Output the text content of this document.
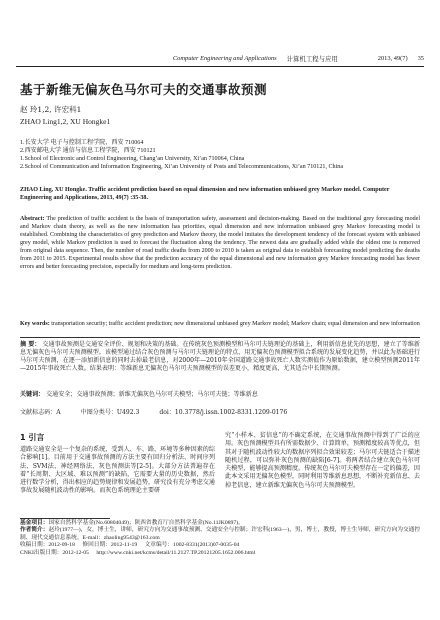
Computer Engineering and Applications 计算机工程与应用	2013, 49(7) 35
基于新维无偏灰色马尔可夫的交通事故预测
赵 玲1,2, 许宏科1
ZHAO Ling1,2, XU Hongke1
1.长安大学 电子与控制工程学院，西安 710064
2.西安邮电大学 通信与信息工程学院，西安 710121
1.School of Electronic and Control Engineering, Chang’an University, Xi’an 710064, China
2.School of Communication and Information Engineering, Xi’an University of Posts and Telecommunications, Xi’an 710121, China
ZHAO Ling, XU Hongke. Traffic accident prediction based on equal dimension and new information unbiased grey Markov model. Computer Engineering and Applications, 2013, 49(7) :35-38.
Abstract: The prediction of traffic accident is the basis of transportation safety, assessment and decision-making. Based on the traditional grey forecasting model and Markov chain theory, as well as the new information has priorities, equal dimension and new information unbiased grey Markov forecasting model is established. Combining the characteristics of grey prediction and Markov theory, the model imitates the development tendency of the forecast system with unbiased grey model, while Markov prediction is used to forecast the fluctuation along the tendency. The newest data are gradually added while the oldest one is removed from original data sequence. Then, the number of road traffic deaths from 2000 to 2010 is taken as original data to establish forecasting model predicting the deaths from 2011 to 2015. Experimental results show that the prediction accuracy of the equal dimensional and new information grey Markov forecasting model has fewer errors and better forecasting precision, especially for medium and long-term prediction.
Key words: transportation security; traffic accident prediction; new dimensional unbiased grey Markov model; Markov chain; equal dimension and new information
摘 要： 交通事故预测是交通安全评价、规划和决策的基础。在传统灰色预测模型和马尔可夫链理论的基础上，利用新信息优先的思想，建立了等维新息无偏灰色马尔可夫预测模型。该模型通过结合灰色预测与马尔可夫链理论的特点，用无偏灰色预测模型拟合系统的发展变化趋势，并以此为基础进行马尔可夫预测，在逐一添加新信息的同时去掉最老信息，对2000年—2010年全国道路交通事故死亡人数实测值作为原始数据，建立模型预测2011年—2015年事故死亡人数。结果表明：等维新息无偏灰色马尔可夫预测模型的误差更小，精度更高，尤其适合中长期预测。
关键词： 交通安全；交通事故预测；新维无偏灰色马尔可夫模型；马尔可夫链；等维新息
文献标志码：A	中图分类号：U492.3	doi：10.3778/j.issn.1002-8331.1209-0176
1 引言
道路交通安全是一个复杂的系统，受到人、车、路、环境等多种因素的综合影响[1]。目前用于交通事故预测的方法主要有回归分析法、时间序列法、SVM法、神经网络法、灰色预测法等[2-5]。大部分方法普遍存在着“长周期、大区域、难以预测”的缺陷，它需要大量的历史数据，然后进行数学分析，得出相应的趋势规律和发展趋势，研究没有充分考虑交通事故发展随机波动性的影响。而灰色系统理论主要研
究“小样本、贫信息”的不确定系统，在交通事故预测中得到了广泛的应用。灰色预测模型具有所需数据少、计算简单，预测精度较高等优点，但其对于随机波动性较大的数据序列拟合效果较差；马尔可夫链适合于描述随机过程，可以弥补灰色预测的缺陷[6-7]。将两者结合建立灰色马尔可夫模型，能够提高预测精度。传统灰色马尔可夫模型存在一定的偏差，因此本文采用无偏灰色模型，同时利用等维新息思想，不断补充新信息、去掉老信息，建立新维无偏灰色马尔可夫预测模型。
基金项目：国家自然科学基金(No.60804049)；陕西省教育厅自然科学基金(No.11JK0897)。
作者简介：赵玲(1977—)，女，博士生，讲师，研究方向为交通事故预测、交通安全与控制；许宏科(1963—)，男，博士，教授，博士生导师，研究方向为交通控制、现代交通信息系统。E-mail：zhaoling9543@163.com
收稿日期：2012-09-18 修回日期：2012-11-19 文章编号：1002-8331(2013)07-0035-04
CNKI出版日期：2012-12-05 http://www.cnki.net/kcms/detail/11.2127.TP.20121205.1652.006.html
